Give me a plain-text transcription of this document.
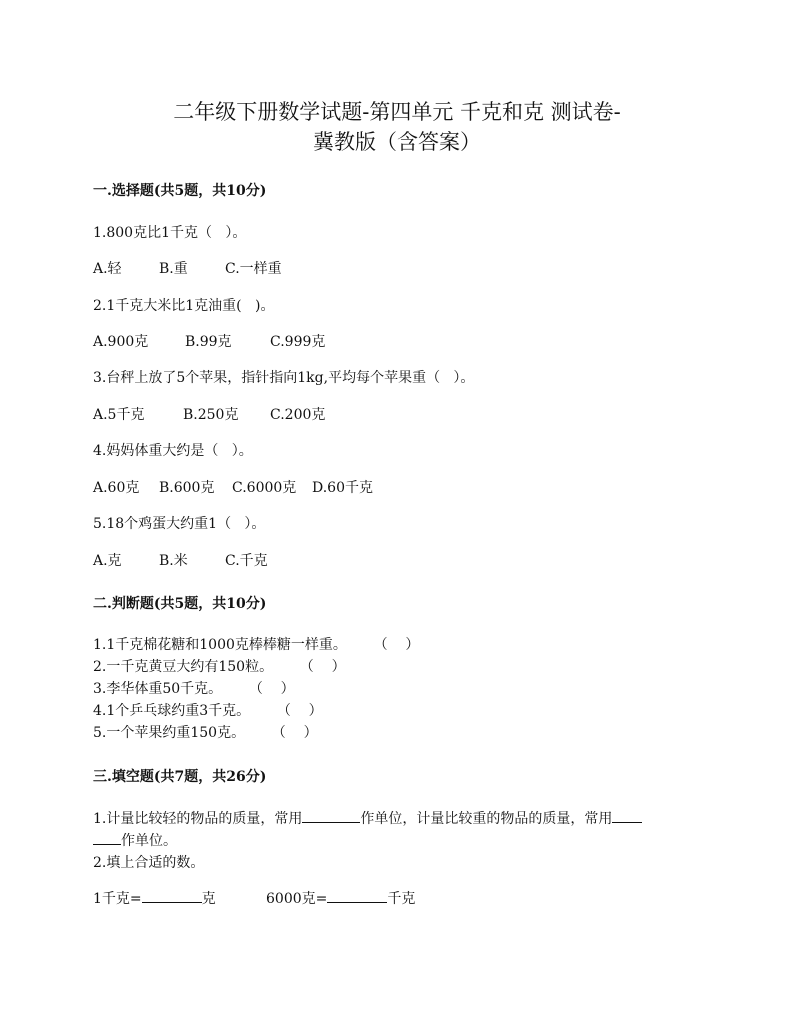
二年级下册数学试题-第四单元 千克和克 测试卷-
冀教版（含答案）
一.选择题(共5题，共10分)
1.800克比1千克（   ）。
A.轻	B.重	C.一样重
2.1千克大米比1克油重(   )。
A.900克	B.99克	C.999克
3.台秤上放了5个苹果，指针指向1kg,平均每个苹果重（   ）。
A.5千克	B.250克 C.200克
4.妈妈体重大约是（   ）。
A.60克 B.600克 C.6000克 D.60千克
5.18个鸡蛋大约重1（   ）。
A.克	B.米	C.千克
二.判断题(共5题，共10分)
1.1千克棉花糖和1000克棒棒糖一样重。      （    ）
2.一千克黄豆大约有150粒。      （    ）
3.李华体重50千克。      （    ）
4.1个乒乓球约重3千克。      （    ）
5.一个苹果约重150克。      （    ）
三.填空题(共7题，共26分)
1.计量比较轻的物品的质量，常用	作单位，计量比较重的物品的质量，常用
作单位。
2.填上合适的数。
1千克=	克	6000克=	千克
